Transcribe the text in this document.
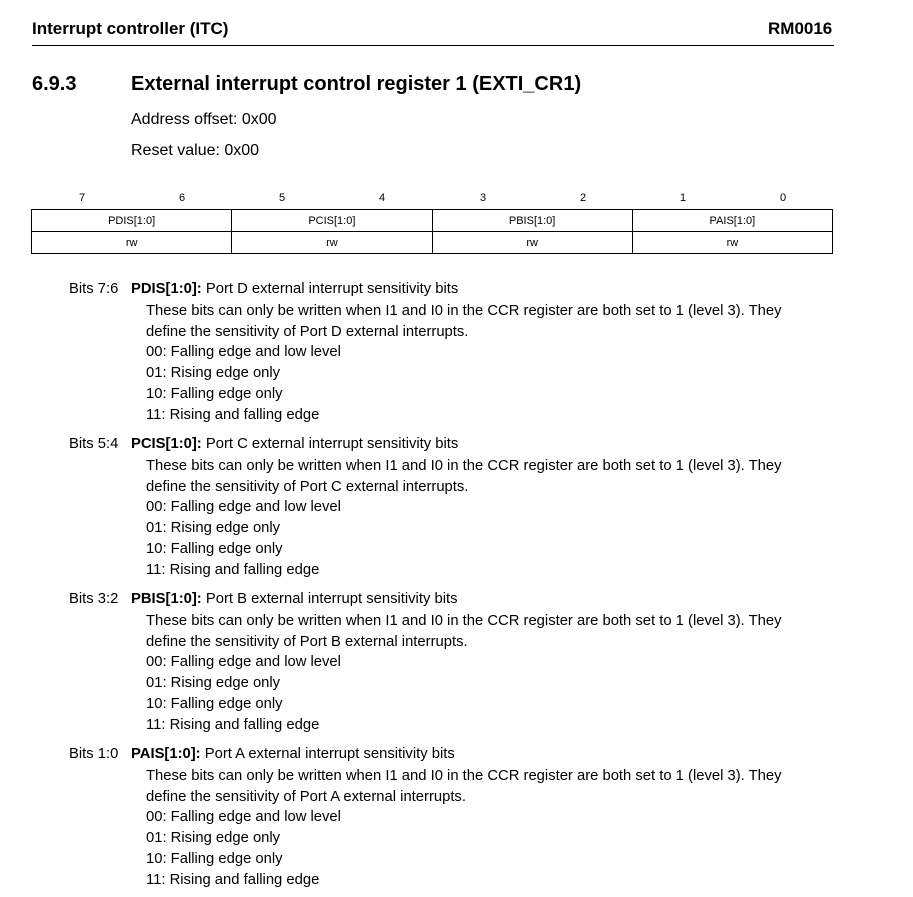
Interrupt controller (ITC)	RM0016
6.9.3	External interrupt control register 1 (EXTI_CR1)
Address offset: 0x00
Reset value: 0x00
7	6	5	4	3	2	1	0
PDIS[1:0]	PCIS[1:0]	PBIS[1:0]	PAIS[1:0]
rw	rw	rw	rw
Bits 7:6 PDIS[1:0]: Port D external interrupt sensitivity bits
These bits can only be written when I1 and I0 in the CCR register are both set to 1 (level 3). They
define the sensitivity of Port D external interrupts.
00: Falling edge and low level
01: Rising edge only
10: Falling edge only
11: Rising and falling edge
Bits 5:4 PCIS[1:0]: Port C external interrupt sensitivity bits
These bits can only be written when I1 and I0 in the CCR register are both set to 1 (level 3). They
define the sensitivity of Port C external interrupts.
00: Falling edge and low level
01: Rising edge only
10: Falling edge only
11: Rising and falling edge
Bits 3:2 PBIS[1:0]: Port B external interrupt sensitivity bits
These bits can only be written when I1 and I0 in the CCR register are both set to 1 (level 3). They
define the sensitivity of Port B external interrupts.
00: Falling edge and low level
01: Rising edge only
10: Falling edge only
11: Rising and falling edge
Bits 1:0 PAIS[1:0]: Port A external interrupt sensitivity bits
These bits can only be written when I1 and I0 in the CCR register are both set to 1 (level 3). They
define the sensitivity of Port A external interrupts.
00: Falling edge and low level
01: Rising edge only
10: Falling edge only
11: Rising and falling edge
